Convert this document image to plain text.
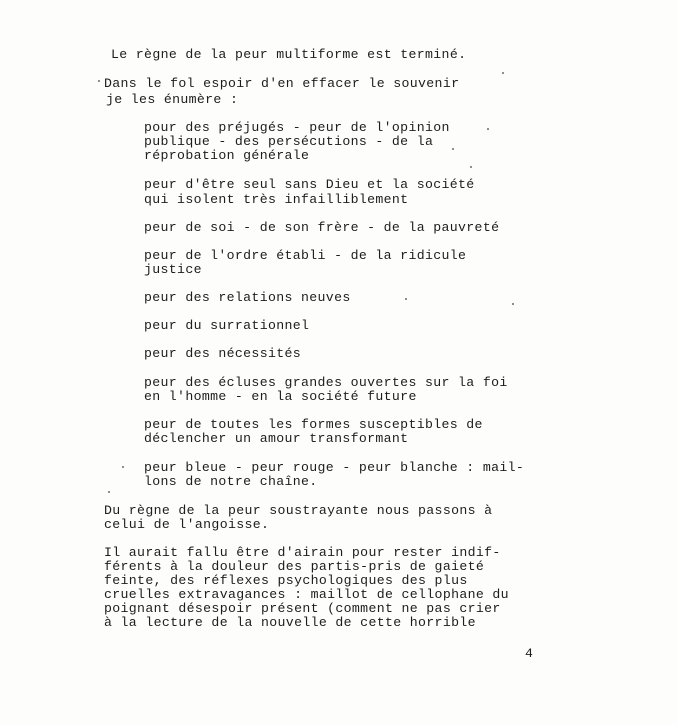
Le règne de la peur multiforme est terminé.

Dans le fol espoir d'en effacer le souvenir

je les énumère :

pour des préjugés - peur de l'opinion

publique - des persécutions - de la

réprobation générale

peur d'être seul sans Dieu et la société

qui isolent très infailliblement

peur de soi - de son frère - de la pauvreté

peur de l'ordre établi - de la ridicule

justice

peur des relations neuves

peur du surrationnel

peur des nécessités

peur des écluses grandes ouvertes sur la foi

en l'homme - en la société future

peur de toutes les formes susceptibles de

déclencher un amour transformant

peur bleue - peur rouge - peur blanche : mail-

lons de notre chaîne.

Du règne de la peur soustrayante nous passons à

celui de l'angoisse.

Il aurait fallu être d'airain pour rester indif-

férents à la douleur des partis-pris de gaieté

feinte, des réflexes psychologiques des plus

cruelles extravagances : maillot de cellophane du

poignant désespoir présent (comment ne pas crier

à la lecture de la nouvelle de cette horrible

4
